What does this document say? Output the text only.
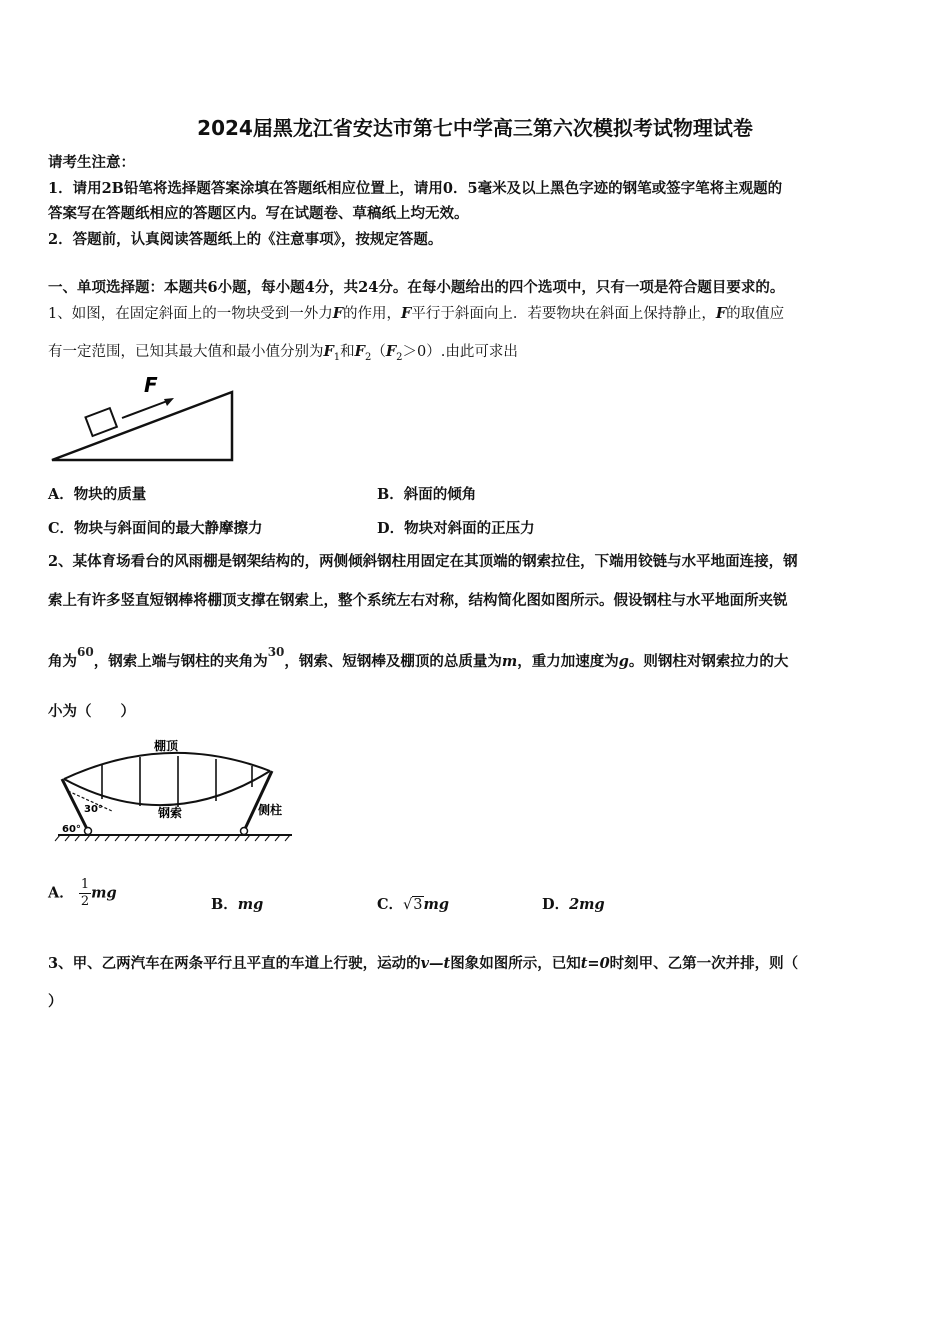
2024届黑龙江省安达市第七中学高三第六次模拟考试物理试卷
请考生注意：
1．请用2B铅笔将选择题答案涂填在答题纸相应位置上，请用0．5毫米及以上黑色字迹的钢笔或签字笔将主观题的
答案写在答题纸相应的答题区内。写在试题卷、草稿纸上均无效。
2．答题前，认真阅读答题纸上的《注意事项》，按规定答题。
一、单项选择题：本题共6小题，每小题4分，共24分。在每小题给出的四个选项中，只有一项是符合题目要求的。
1、如图，在固定斜面上的一物块受到一外力F的作用，F平行于斜面向上．若要物块在斜面上保持静止，F的取值应
有一定范围，已知其最大值和最小值分别为$F_1$和$F_2(F_2>0)$.由此可求出
F
A．物块的质量	B．斜面的倾角
C．物块与斜面间的最大静摩擦力	D．物块对斜面的正压力
2、某体育场看台的风雨棚是钢架结构的，两侧倾斜钢柱用固定在其顶端的钢索拉住，下端用铰链与水平地面连接，钢
索上有许多竖直短钢棒将棚顶支撑在钢索上，整个系统左右对称，结构简化图如图所示。假设钢柱与水平地面所夹锐
角为$^{60}$，钢索上端与钢柱的夹角为$^{30}$，钢索、短钢棒及棚顶的总质量为m，重力加速度为g。则钢柱对钢索拉力的大
小为（　　）
棚顶
钢索	侧柱
30°
60°
A． $\frac{1}{2}$ mg
B．mg	C．√3mg	D．2mg
3、甲、乙两汽车在两条平行且平直的车道上行驶，运动的v—t图象如图所示，已知t=0时刻甲、乙第一次并排，则（
）
